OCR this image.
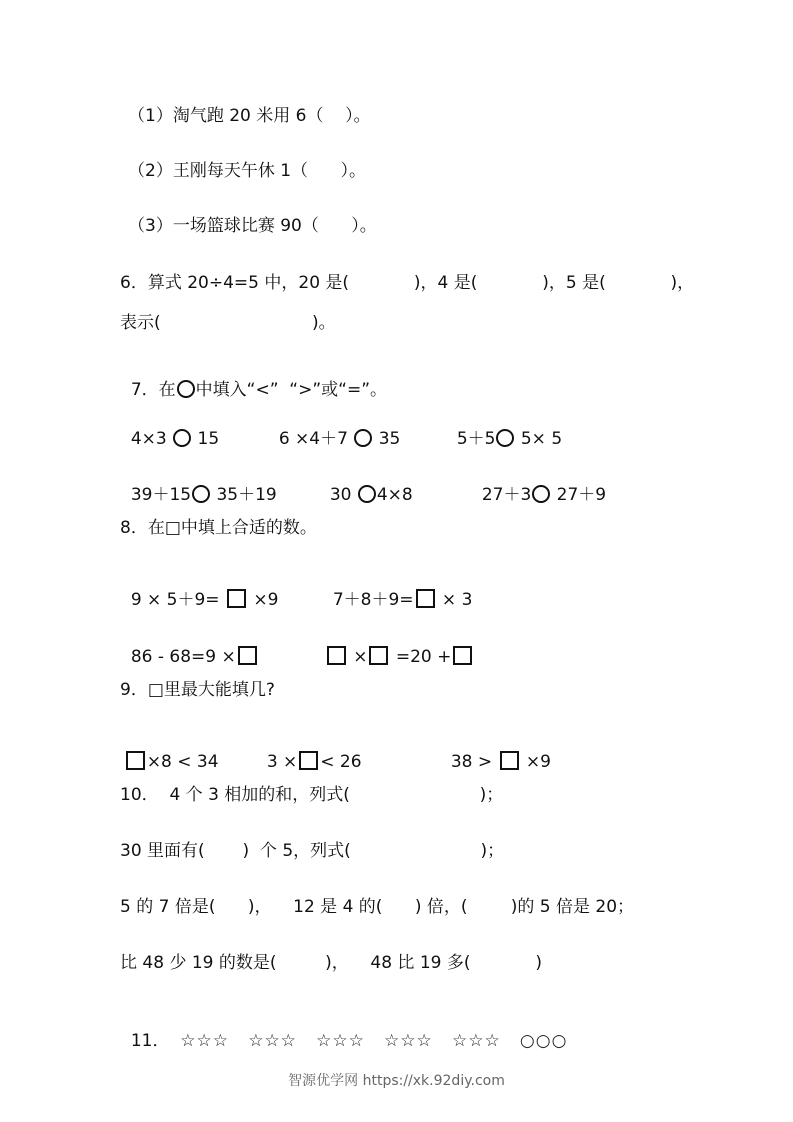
（1）淘气跑 20 米用 6（    ）。
（2）王刚每天午休 1（      ）。
（3）一场篮球比赛 90（      ）。
6．算式 20÷4=5 中，20 是(            )，4 是(            )，5 是(            )，
表示(                            )。

7．在 中填入“<”  “>”或“=”。

4×3  15	6 ×4＋7  35	5＋5 5× 5

39＋15 35＋19	30 4×8	27＋3 27＋9

8．在□中填上合适的数。

9 × 5＋9=  ×9	7＋8＋9= × 3

86 - 68=9 ×	× =20 +

9．□里最大能填几?

×8 < 34	3 × < 26	38 >  ×9

10．  4 个 3 相加的和，列式(                        )；
30 里面有(       )  个 5，列式(                        )；
5 的 7 倍是(      )，    12 是 4 的(      ) 倍，(        )的 5 倍是 20；
比 48 少 19 的数是(         )，    48 比 19 多(            )

11． ☆☆☆   ☆☆☆   ☆☆☆   ☆☆☆   ☆☆☆   ○○○

智源优学网 https://xk.92diy.com
